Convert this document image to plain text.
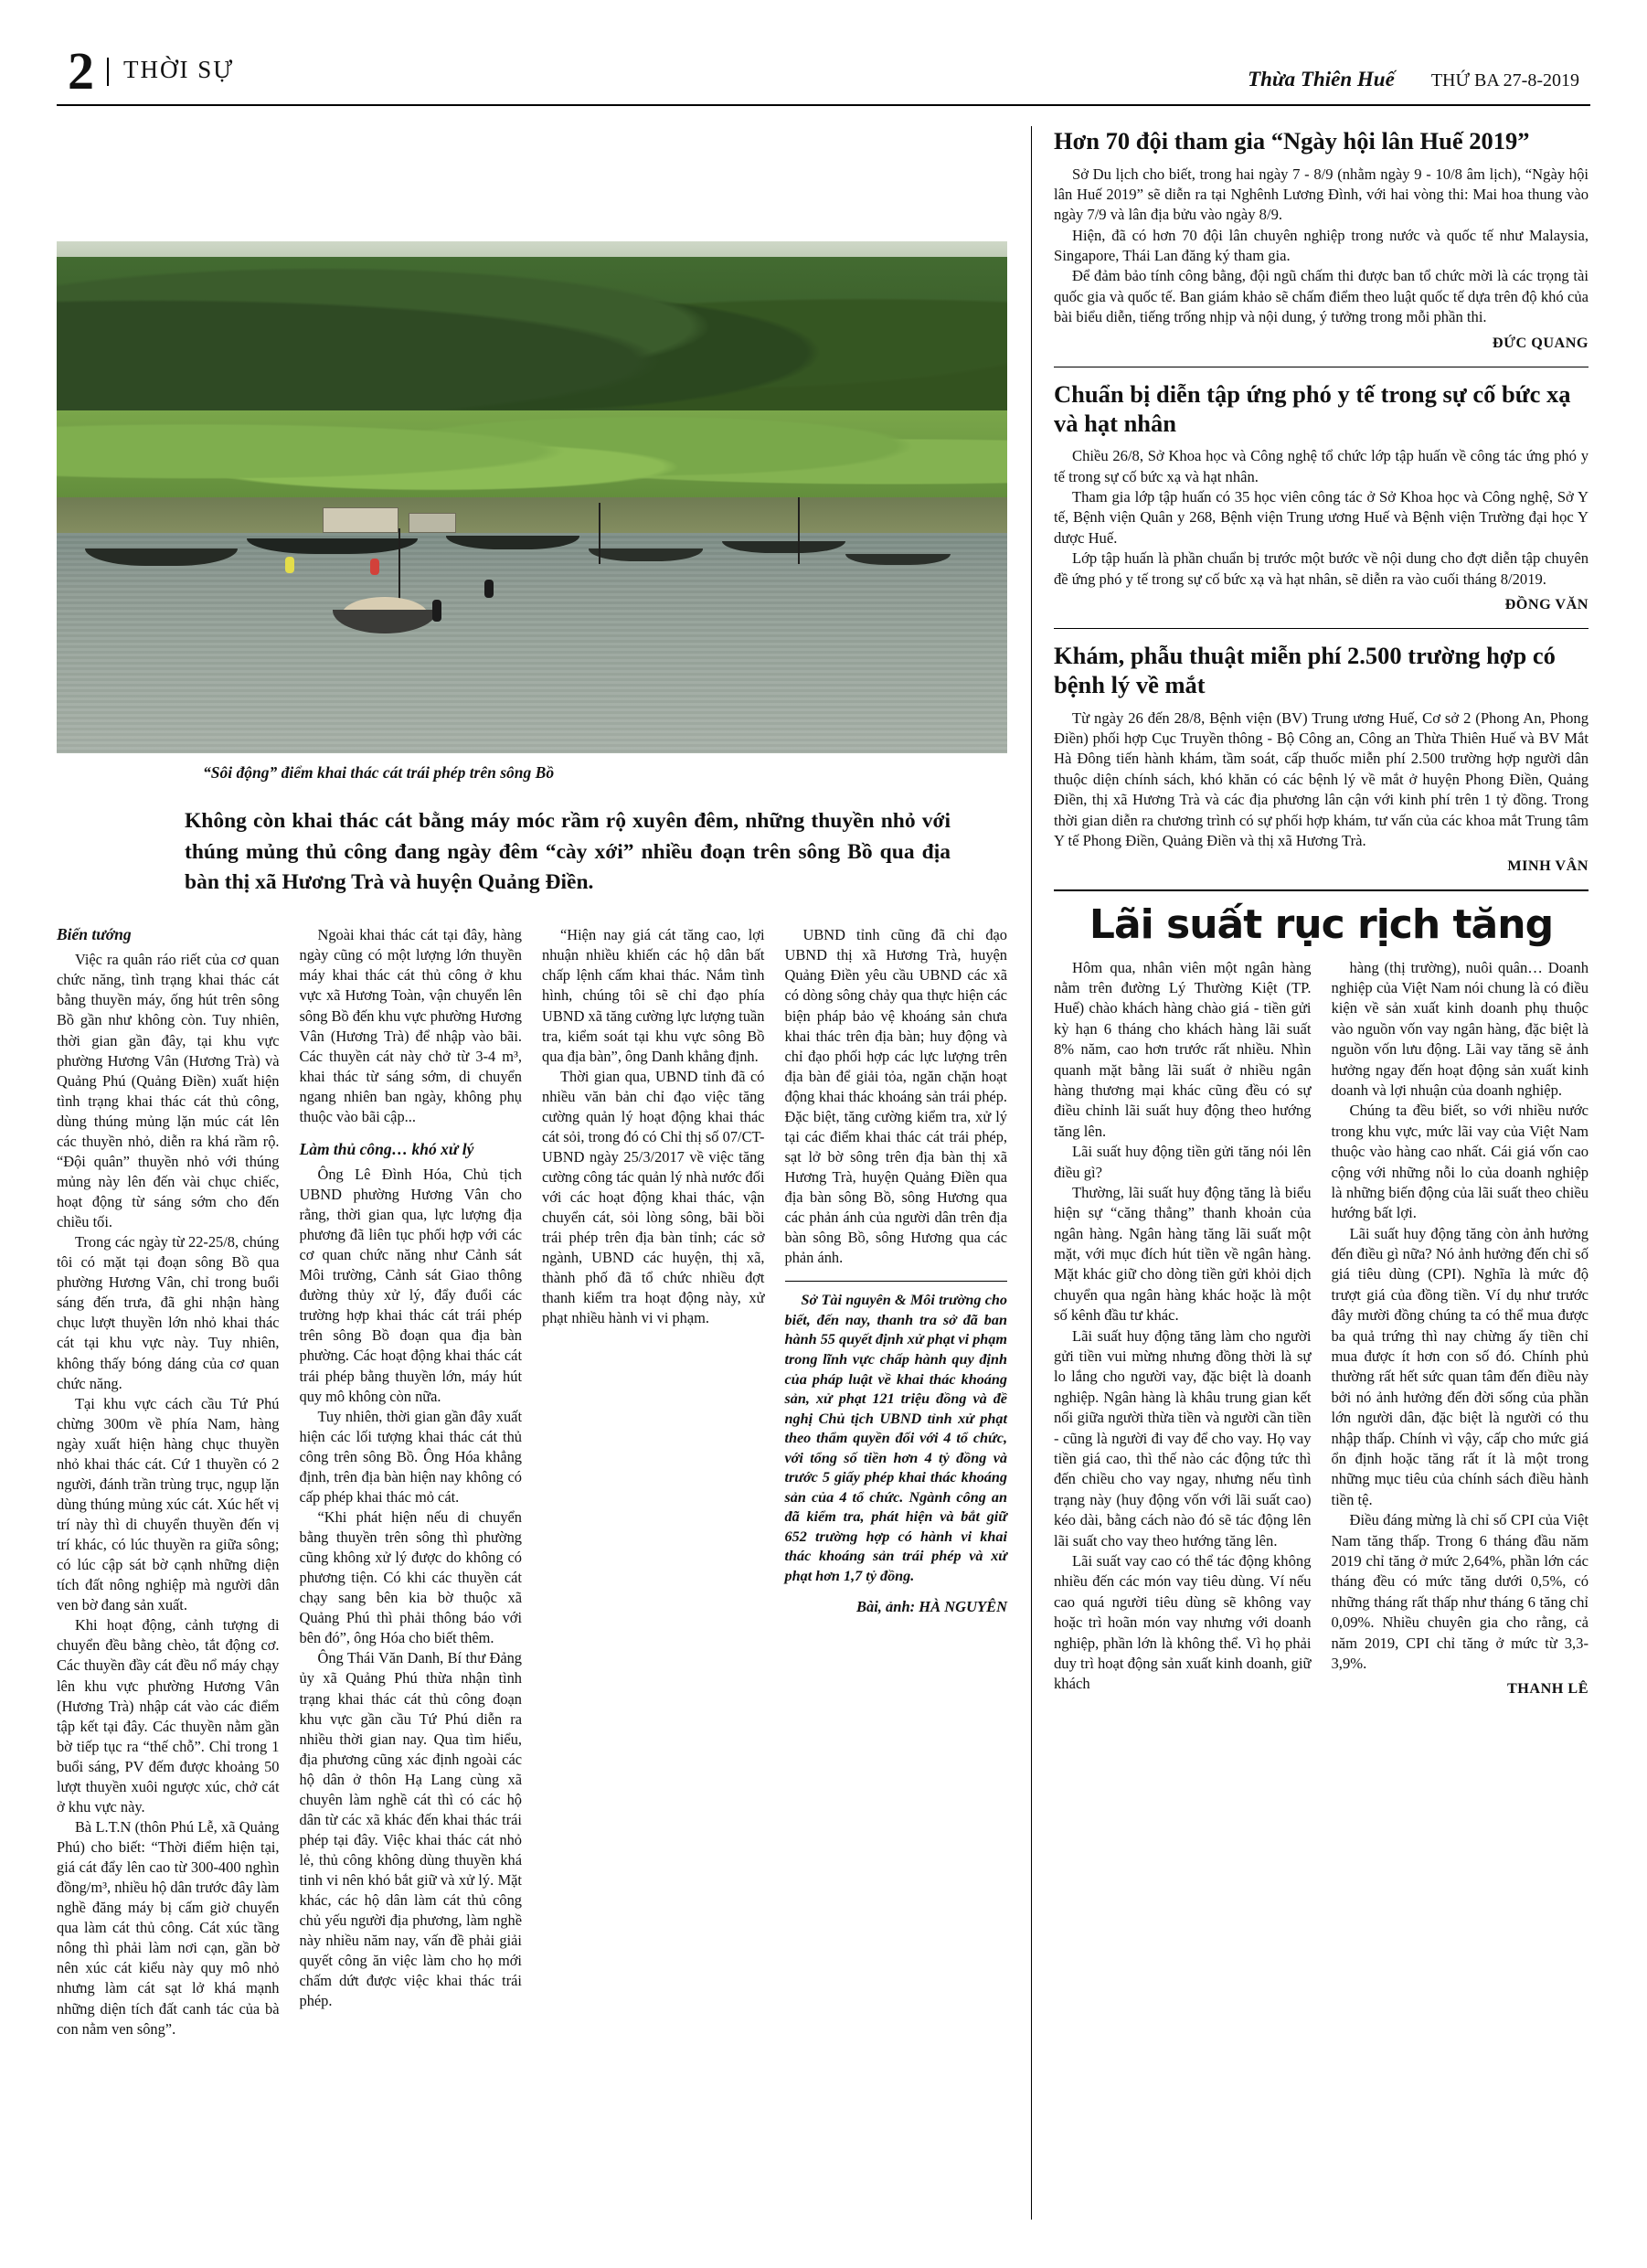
2	THỜI SỰ	Thừa Thiên Huế THỨ BA 27-8-2019
“Sôi động” điểm khai thác cát trái phép trên sông Bồ
Không còn khai thác cát bằng máy móc rầm rộ xuyên đêm, những thuyền nhỏ với thúng mủng thủ công đang ngày đêm “cày xới” nhiều đoạn trên sông Bồ qua địa bàn thị xã Hương Trà và huyện Quảng Điền.
Biến tướng

Việc ra quân ráo riết của cơ quan chức năng, tình trạng khai thác cát bằng thuyền máy, ống hút trên sông Bồ gần như không còn. Tuy nhiên, thời gian gần đây, tại khu vực phường Hương Vân (Hương Trà) và Quảng Phú (Quảng Điền) xuất hiện tình trạng khai thác cát thủ công, dùng thúng mủng lặn múc cát lên các thuyền nhỏ, diễn ra khá rầm rộ. “Đội quân” thuyền nhỏ với thúng mủng này lên đến vài chục chiếc, hoạt động từ sáng sớm cho đến chiều tối.

Trong các ngày từ 22-25/8, chúng tôi có mặt tại đoạn sông Bồ qua phường Hương Vân, chỉ trong buổi sáng đến trưa, đã ghi nhận hàng chục lượt thuyền lớn nhỏ khai thác cát tại khu vực này. Tuy nhiên, không thấy bóng dáng của cơ quan chức năng.

Tại khu vực cách cầu Tứ Phú chừng 300m về phía Nam, hàng ngày xuất hiện hàng chục thuyền nhỏ khai thác cát. Cứ 1 thuyền có 2 người, đánh trần trùng trục, ngụp lặn dùng thúng mủng xúc cát. Xúc hết vị trí này thì di chuyển thuyền đến vị trí khác, có lúc thuyền ra giữa sông; có lúc cập sát bờ cạnh những diện tích đất nông nghiệp mà người dân ven bờ đang sản xuất.

Khi hoạt động, cảnh tượng di chuyển đều bằng chèo, tắt động cơ. Các thuyền đầy cát đều nổ máy chạy lên khu vực phường Hương Vân (Hương Trà) nhập cát vào các điểm tập kết tại đây. Các thuyền nằm gần bờ tiếp tục ra “thế chỗ”. Chỉ trong 1 buổi sáng, PV đếm được khoảng 50 lượt thuyền xuôi ngược xúc, chở cát ở khu vực này.

Bà L.T.N (thôn Phú Lễ, xã Quảng Phú) cho biết: “Thời điểm hiện tại, giá cát đẩy lên cao từ 300-400 nghìn đồng/m³, nhiều hộ dân trước đây làm nghề đăng máy bị cấm giờ chuyển qua làm cát thủ công. Cát xúc tầng nông thì phải làm nơi cạn, gần bờ nên xúc cát kiểu này quy mô nhỏ nhưng làm cát sạt lở khá mạnh những diện tích đất canh tác của bà con nằm ven sông”.

Ngoài khai thác cát tại đây, hàng ngày cũng có một lượng lớn thuyền máy khai thác cát thủ công ở khu vực xã Hương Toàn, vận chuyển lên sông Bồ đến khu vực phường Hương Vân (Hương Trà) để nhập vào bãi. Các thuyền cát này chở từ 3-4 m³, khai thác từ sáng sớm, di chuyển ngang nhiên ban ngày, không phụ thuộc vào bãi cập...

Làm thủ công… khó xử lý

Ông Lê Đình Hóa, Chủ tịch UBND phường Hương Vân cho rằng, thời gian qua, lực lượng địa phương đã liên tục phối hợp với các cơ quan chức năng như Cảnh sát Môi trường, Cảnh sát Giao thông đường thủy xử lý, đẩy đuổi các trường hợp khai thác cát trái phép trên sông Bồ đoạn qua địa bàn phường. Các hoạt động khai thác cát trái phép bằng thuyền lớn, máy hút quy mô không còn nữa.

Tuy nhiên, thời gian gần đây xuất hiện các lối tượng khai thác cát thủ công trên sông Bồ. Ông Hóa khẳng định, trên địa bàn hiện nay không có cấp phép khai thác mỏ cát.

“Khi phát hiện nếu di chuyển bằng thuyền trên sông thì phường cũng không xử lý được do không có phương tiện. Có khi các thuyền cát chạy sang bên kia bờ thuộc xã Quảng Phú thì phải thông báo với bên đó”, ông Hóa cho biết thêm.

Ông Thái Văn Danh, Bí thư Đảng ủy xã Quảng Phú thừa nhận tình trạng khai thác cát thủ công đoạn khu vực gần cầu Tứ Phú diễn ra nhiều thời gian nay. Qua tìm hiểu, địa phương cũng xác định ngoài các hộ dân ở thôn Hạ Lang cùng xã chuyên làm nghề cát thì có các hộ dân từ các xã khác đến khai thác trái phép tại đây. Việc khai thác cát nhỏ lẻ, thủ công không dùng thuyền khá tinh vi nên khó bắt giữ và xử lý. Mặt khác, các hộ dân làm cát thủ công chủ yếu người địa phương, làm nghề này nhiều năm nay, vấn đề phải giải quyết công ăn việc làm cho họ mới chấm dứt được việc khai thác trái phép.

“Hiện nay giá cát tăng cao, lợi nhuận nhiều khiến các hộ dân bất chấp lệnh cấm khai thác. Nắm tình hình, chúng tôi sẽ chỉ đạo phía UBND xã tăng cường lực lượng tuần tra, kiểm soát tại khu vực sông Bồ qua địa bàn”, ông Danh khẳng định.

Thời gian qua, UBND tỉnh đã có nhiều văn bản chỉ đạo việc tăng cường quản lý hoạt động khai thác cát sỏi, trong đó có Chỉ thị số 07/CT-UBND ngày 25/3/2017 về việc tăng cường công tác quản lý nhà nước đối với các hoạt động khai thác, vận chuyển cát, sỏi lòng sông, bãi bồi trái phép trên địa bàn tỉnh; các sở ngành, UBND các huyện, thị xã, thành phố đã tổ chức nhiều đợt thanh kiểm tra hoạt động này, xử phạt nhiều hành vi vi phạm.

UBND tỉnh cũng đã chỉ đạo UBND thị xã Hương Trà, huyện Quảng Điền yêu cầu UBND các xã có dòng sông chảy qua thực hiện các biện pháp bảo vệ khoáng sản chưa khai thác trên địa bàn; huy động và chỉ đạo phối hợp các lực lượng trên địa bàn để giải tỏa, ngăn chặn hoạt động khai thác khoáng sản trái phép. Đặc biệt, tăng cường kiểm tra, xử lý tại các điểm khai thác cát trái phép, sạt lở bờ sông trên địa bàn thị xã Hương Trà, huyện Quảng Điền qua địa bàn sông Bồ, sông Hương qua các phản ánh của người dân trên địa bàn sông Bồ, sông Hương qua các phản ánh.

Sở Tài nguyên & Môi trường cho biết, đến nay, thanh tra sở đã ban hành 55 quyết định xử phạt vi phạm trong lĩnh vực chấp hành quy định của pháp luật về khai thác khoáng sản, xử phạt 121 triệu đồng và đề nghị Chủ tịch UBND tỉnh xử phạt theo thẩm quyền đối với 4 tổ chức, với tổng số tiền hơn 4 tỷ đồng và trước 5 giấy phép khai thác khoáng sản của 4 tổ chức. Ngành công an đã kiểm tra, phát hiện và bắt giữ 652 trường hợp có hành vi khai thác khoáng sản trái phép và xử phạt hơn 1,7 tỷ đồng.

Bài, ảnh: HÀ NGUYÊN
Hơn 70 đội tham gia “Ngày hội lân Huế 2019”

Sở Du lịch cho biết, trong hai ngày 7 - 8/9 (nhằm ngày 9 - 10/8 âm lịch), “Ngày hội lân Huế 2019” sẽ diễn ra tại Nghênh Lương Đình, với hai vòng thi: Mai hoa thung vào ngày 7/9 và lân địa bửu vào ngày 8/9.

Hiện, đã có hơn 70 đội lân chuyên nghiệp trong nước và quốc tế như Malaysia, Singapore, Thái Lan đăng ký tham gia.

Để đảm bảo tính công bằng, đội ngũ chấm thi được ban tổ chức mời là các trọng tài quốc gia và quốc tế. Ban giám khảo sẽ chấm điểm theo luật quốc tế dựa trên độ khó của bài biểu diễn, tiếng trống nhịp và nội dung, ý tưởng trong mỗi phần thi.

ĐỨC QUANG
Chuẩn bị diễn tập ứng phó y tế trong sự cố bức xạ và hạt nhân

Chiều 26/8, Sở Khoa học và Công nghệ tổ chức lớp tập huấn về công tác ứng phó y tế trong sự cố bức xạ và hạt nhân.

Tham gia lớp tập huấn có 35 học viên công tác ở Sở Khoa học và Công nghệ, Sở Y tế, Bệnh viện Quân y 268, Bệnh viện Trung ương Huế và Bệnh viện Trường đại học Y dược Huế.

Lớp tập huấn là phần chuẩn bị trước một bước về nội dung cho đợt diễn tập chuyên đề ứng phó y tế trong sự cố bức xạ và hạt nhân, sẽ diễn ra vào cuối tháng 8/2019.

ĐỒNG VĂN
Khám, phẫu thuật miễn phí 2.500 trường hợp có bệnh lý về mắt

Từ ngày 26 đến 28/8, Bệnh viện (BV) Trung ương Huế, Cơ sở 2 (Phong An, Phong Điền) phối hợp Cục Truyền thông - Bộ Công an, Công an Thừa Thiên Huế và BV Mắt Hà Đông tiến hành khám, tầm soát, cấp thuốc miễn phí 2.500 trường hợp người dân thuộc diện chính sách, khó khăn có các bệnh lý về mắt ở huyện Phong Điền, Quảng Điền, thị xã Hương Trà và các địa phương lân cận với kinh phí trên 1 tỷ đồng. Trong thời gian diễn ra chương trình có sự phối hợp khám, tư vấn của các khoa mắt Trung tâm Y tế Phong Điền, Quảng Điền và thị xã Hương Trà.

MINH VÂN
Lãi suất rục rịch tăng

Hôm qua, nhân viên một ngân hàng nằm trên đường Lý Thường Kiệt (TP. Huế) chào khách hàng chào giá - tiền gửi kỳ hạn 6 tháng cho khách hàng lãi suất 8% năm, cao hơn trước rất nhiều. Nhìn quanh mặt bằng lãi suất ở nhiều ngân hàng thương mại khác cũng đều có sự điều chỉnh lãi suất huy động theo hướng tăng lên.

Lãi suất huy động tiền gửi tăng nói lên điều gì?

Thường, lãi suất huy động tăng là biểu hiện sự “căng thẳng” thanh khoản của ngân hàng. Ngân hàng tăng lãi suất một mặt, với mục đích hút tiền về ngân hàng. Mặt khác giữ cho dòng tiền gửi khỏi dịch chuyển qua ngân hàng khác hoặc là một số kênh đầu tư khác.

Lãi suất huy động tăng làm cho người gửi tiền vui mừng nhưng đồng thời là sự lo lắng cho người vay, đặc biệt là doanh nghiệp. Ngân hàng là khâu trung gian kết nối giữa người thừa tiền và người cần tiền - cũng là người đi vay để cho vay. Họ vay tiền giá cao, thì thế nào các động tức thì đến chiều cho vay ngay, nhưng nếu tình trạng này (huy động vốn với lãi suất cao) kéo dài, bằng cách nào đó sẽ tác động lên lãi suất cho vay theo hướng tăng lên.

Lãi suất vay cao có thể tác động không nhiều đến các món vay tiêu dùng. Ví nếu cao quá người tiêu dùng sẽ không vay hoặc trì hoãn món vay nhưng với doanh nghiệp, phần lớn là không thể. Vì họ phải duy trì hoạt động sản xuất kinh doanh, giữ khách

hàng (thị trường), nuôi quân… Doanh nghiệp của Việt Nam nói chung là có điều kiện về sản xuất kinh doanh phụ thuộc vào nguồn vốn vay ngân hàng, đặc biệt là nguồn vốn lưu động. Lãi vay tăng sẽ ảnh hưởng ngay đến hoạt động sản xuất kinh doanh và lợi nhuận của doanh nghiệp.

Chúng ta đều biết, so với nhiều nước trong khu vực, mức lãi vay của Việt Nam thuộc vào hàng cao nhất. Cái giá vốn cao cộng với những nỗi lo của doanh nghiệp là những biến động của lãi suất theo chiều hướng bất lợi.

Lãi suất huy động tăng còn ảnh hưởng đến điều gì nữa? Nó ảnh hưởng đến chỉ số giá tiêu dùng (CPI). Nghĩa là mức độ trượt giá của đồng tiền. Ví dụ như trước đây mười đồng chúng ta có thể mua được ba quả trứng thì nay chừng ấy tiền chỉ mua được ít hơn con số đó. Chính phủ thường rất hết sức quan tâm đến điều này bởi nó ảnh hưởng đến đời sống của phần lớn người dân, đặc biệt là người có thu nhập thấp. Chính vì vậy, cấp cho mức giá ổn định hoặc tăng rất ít là một trong những mục tiêu của chính sách điều hành tiền tệ.

Điều đáng mừng là chỉ số CPI của Việt Nam tăng thấp. Trong 6 tháng đầu năm 2019 chỉ tăng ở mức 2,64%, phần lớn các tháng đều có mức tăng dưới 0,5%, có những tháng rất thấp như tháng 6 tăng chỉ 0,09%. Nhiều chuyên gia cho rằng, cả năm 2019, CPI chỉ tăng ở mức từ 3,3-3,9%.

THANH LÊ
